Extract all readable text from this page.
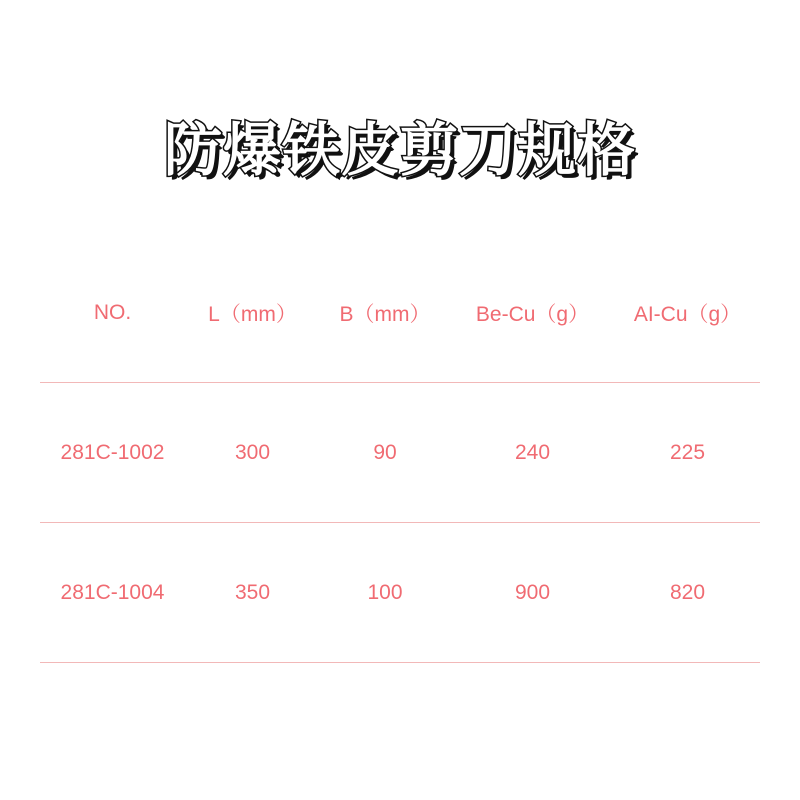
防爆铁皮剪刀规格
NO.	L（mm）	B（mm）	Be-Cu（g）	AI-Cu（g）
281C-1002	300	90	240	225
281C-1004	350	100	900	820
